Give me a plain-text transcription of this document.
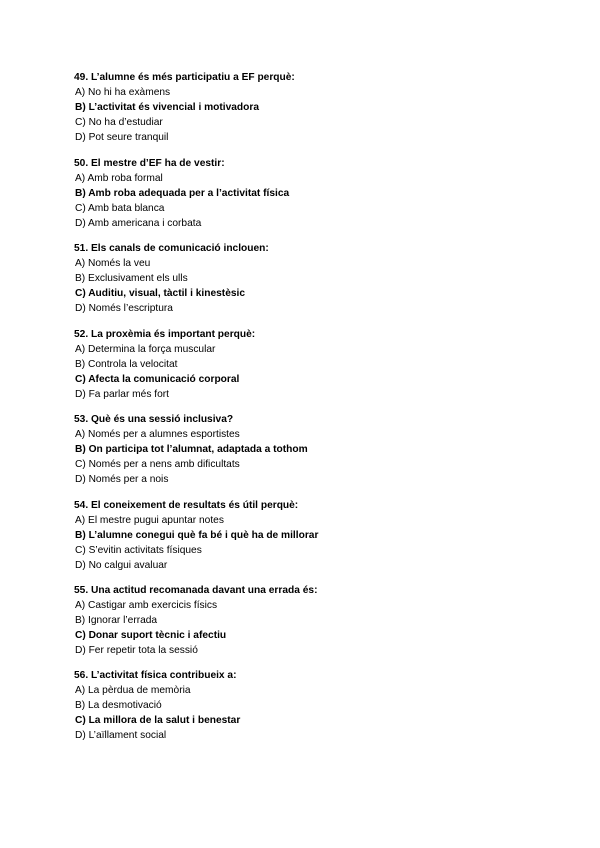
49. L’alumne és més participatiu a EF perquè:
A) No hi ha exàmens
B) L’activitat és vivencial i motivadora
C) No ha d’estudiar
D) Pot seure tranquil
50. El mestre d’EF ha de vestir:
A) Amb roba formal
B) Amb roba adequada per a l’activitat física
C) Amb bata blanca
D) Amb americana i corbata
51. Els canals de comunicació inclouen:
A) Només la veu
B) Exclusivament els ulls
C) Auditiu, visual, tàctil i kinestèsic
D) Només l’escriptura
52. La proxèmia és important perquè:
A) Determina la força muscular
B) Controla la velocitat
C) Afecta la comunicació corporal
D) Fa parlar més fort
53. Què és una sessió inclusiva?
A) Només per a alumnes esportistes
B) On participa tot l’alumnat, adaptada a tothom
C) Només per a nens amb dificultats
D) Només per a nois
54. El coneixement de resultats és útil perquè:
A) El mestre pugui apuntar notes
B) L’alumne conegui què fa bé i què ha de millorar
C) S’evitin activitats físiques
D) No calgui avaluar
55. Una actitud recomanada davant una errada és:
A) Castigar amb exercicis físics
B) Ignorar l’errada
C) Donar suport tècnic i afectiu
D) Fer repetir tota la sessió
56. L’activitat física contribueix a:
A) La pèrdua de memòria
B) La desmotivació
C) La millora de la salut i benestar
D) L’aïllament social
